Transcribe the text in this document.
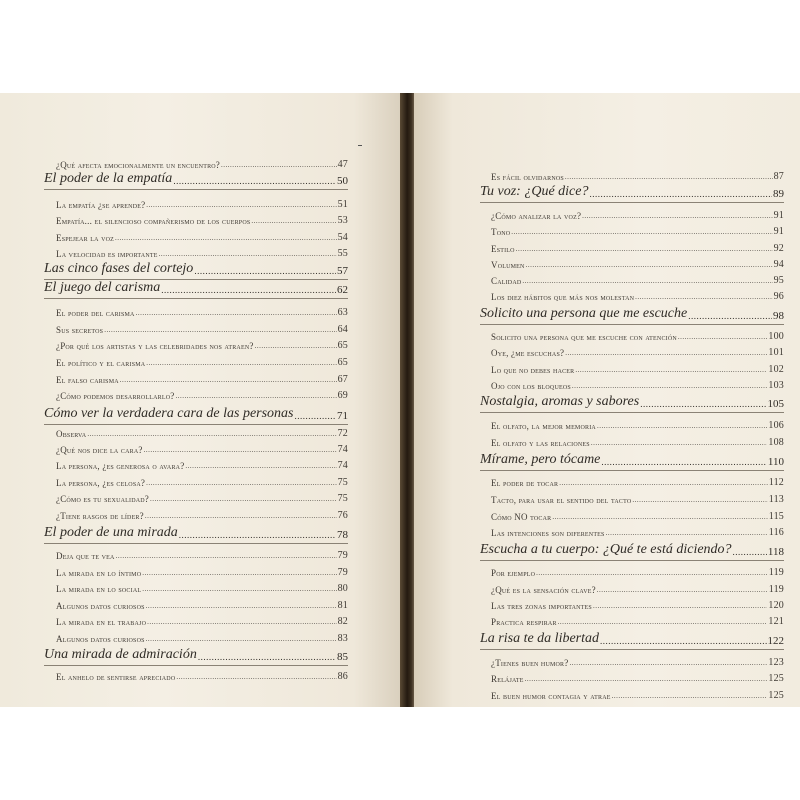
¿Qué afecta emocionalmente un encuentro? .....	47
El poder de la empatía .....	50
La empatía ¿se aprende? .....	51
Empatía... el silencioso compañerismo de los cuerpos .....	53
Espejear la voz .....	54
La velocidad es importante .....	55
Las cinco fases del cortejo .....	57
El juego del carisma .....	62
El poder del carisma .....	63
Sus secretos .....	64
¿Por qué los artistas y las celebridades nos atraen? .....	65
El político y el carisma .....	65
El falso carisma .....	67
¿Cómo podemos desarrollarlo? .....	69
Cómo ver la verdadera cara de las personas .....	71
Observa .....	72
¿Qué nos dice la cara? .....	74
La persona, ¿es generosa o avara? .....	74
La persona, ¿es celosa? .....	75
¿Cómo es tu sexualidad? .....	75
¿Tiene rasgos de líder? .....	76
El poder de una mirada .....	78
Deja que te vea .....	79
La mirada en lo íntimo .....	79
La mirada en lo social .....	80
Algunos datos curiosos .....	81
La mirada en el trabajo .....	82
Algunos datos curiosos .....	83
Una mirada de admiración .....	85
El anhelo de sentirse apreciado .....	86
Es fácil olvidarnos .....	87
Tu voz: ¿Qué dice? .....	89
¿Cómo analizar la voz? .....	91
Tono .....	91
Estilo .....	92
Volumen .....	94
Calidad .....	95
Los diez hábitos que más nos molestan .....	96
Solicito una persona que me escuche .....	98
Solicito una persona que me escuche con atención .....	100
Oye, ¿me escuchas? .....	101
Lo que no debes hacer .....	102
Ojo con los bloqueos .....	103
Nostalgia, aromas y sabores .....	105
El olfato, la mejor memoria .....	106
El olfato y las relaciones .....	108
Mírame, pero tócame .....	110
El poder de tocar .....	112
Tacto, para usar el sentido del tacto .....	113
Cómo NO tocar .....	115
Las intenciones son diferentes .....	116
Escucha a tu cuerpo: ¿Qué te está diciendo? .....	118
Por ejemplo .....	119
¿Qué es la sensación clave? .....	119
Las tres zonas importantes .....	120
Practica respirar .....	121
La risa te da libertad .....	122
¿Tienes buen humor? .....	123
Relájate .....	125
El buen humor contagia y atrae .....	125
